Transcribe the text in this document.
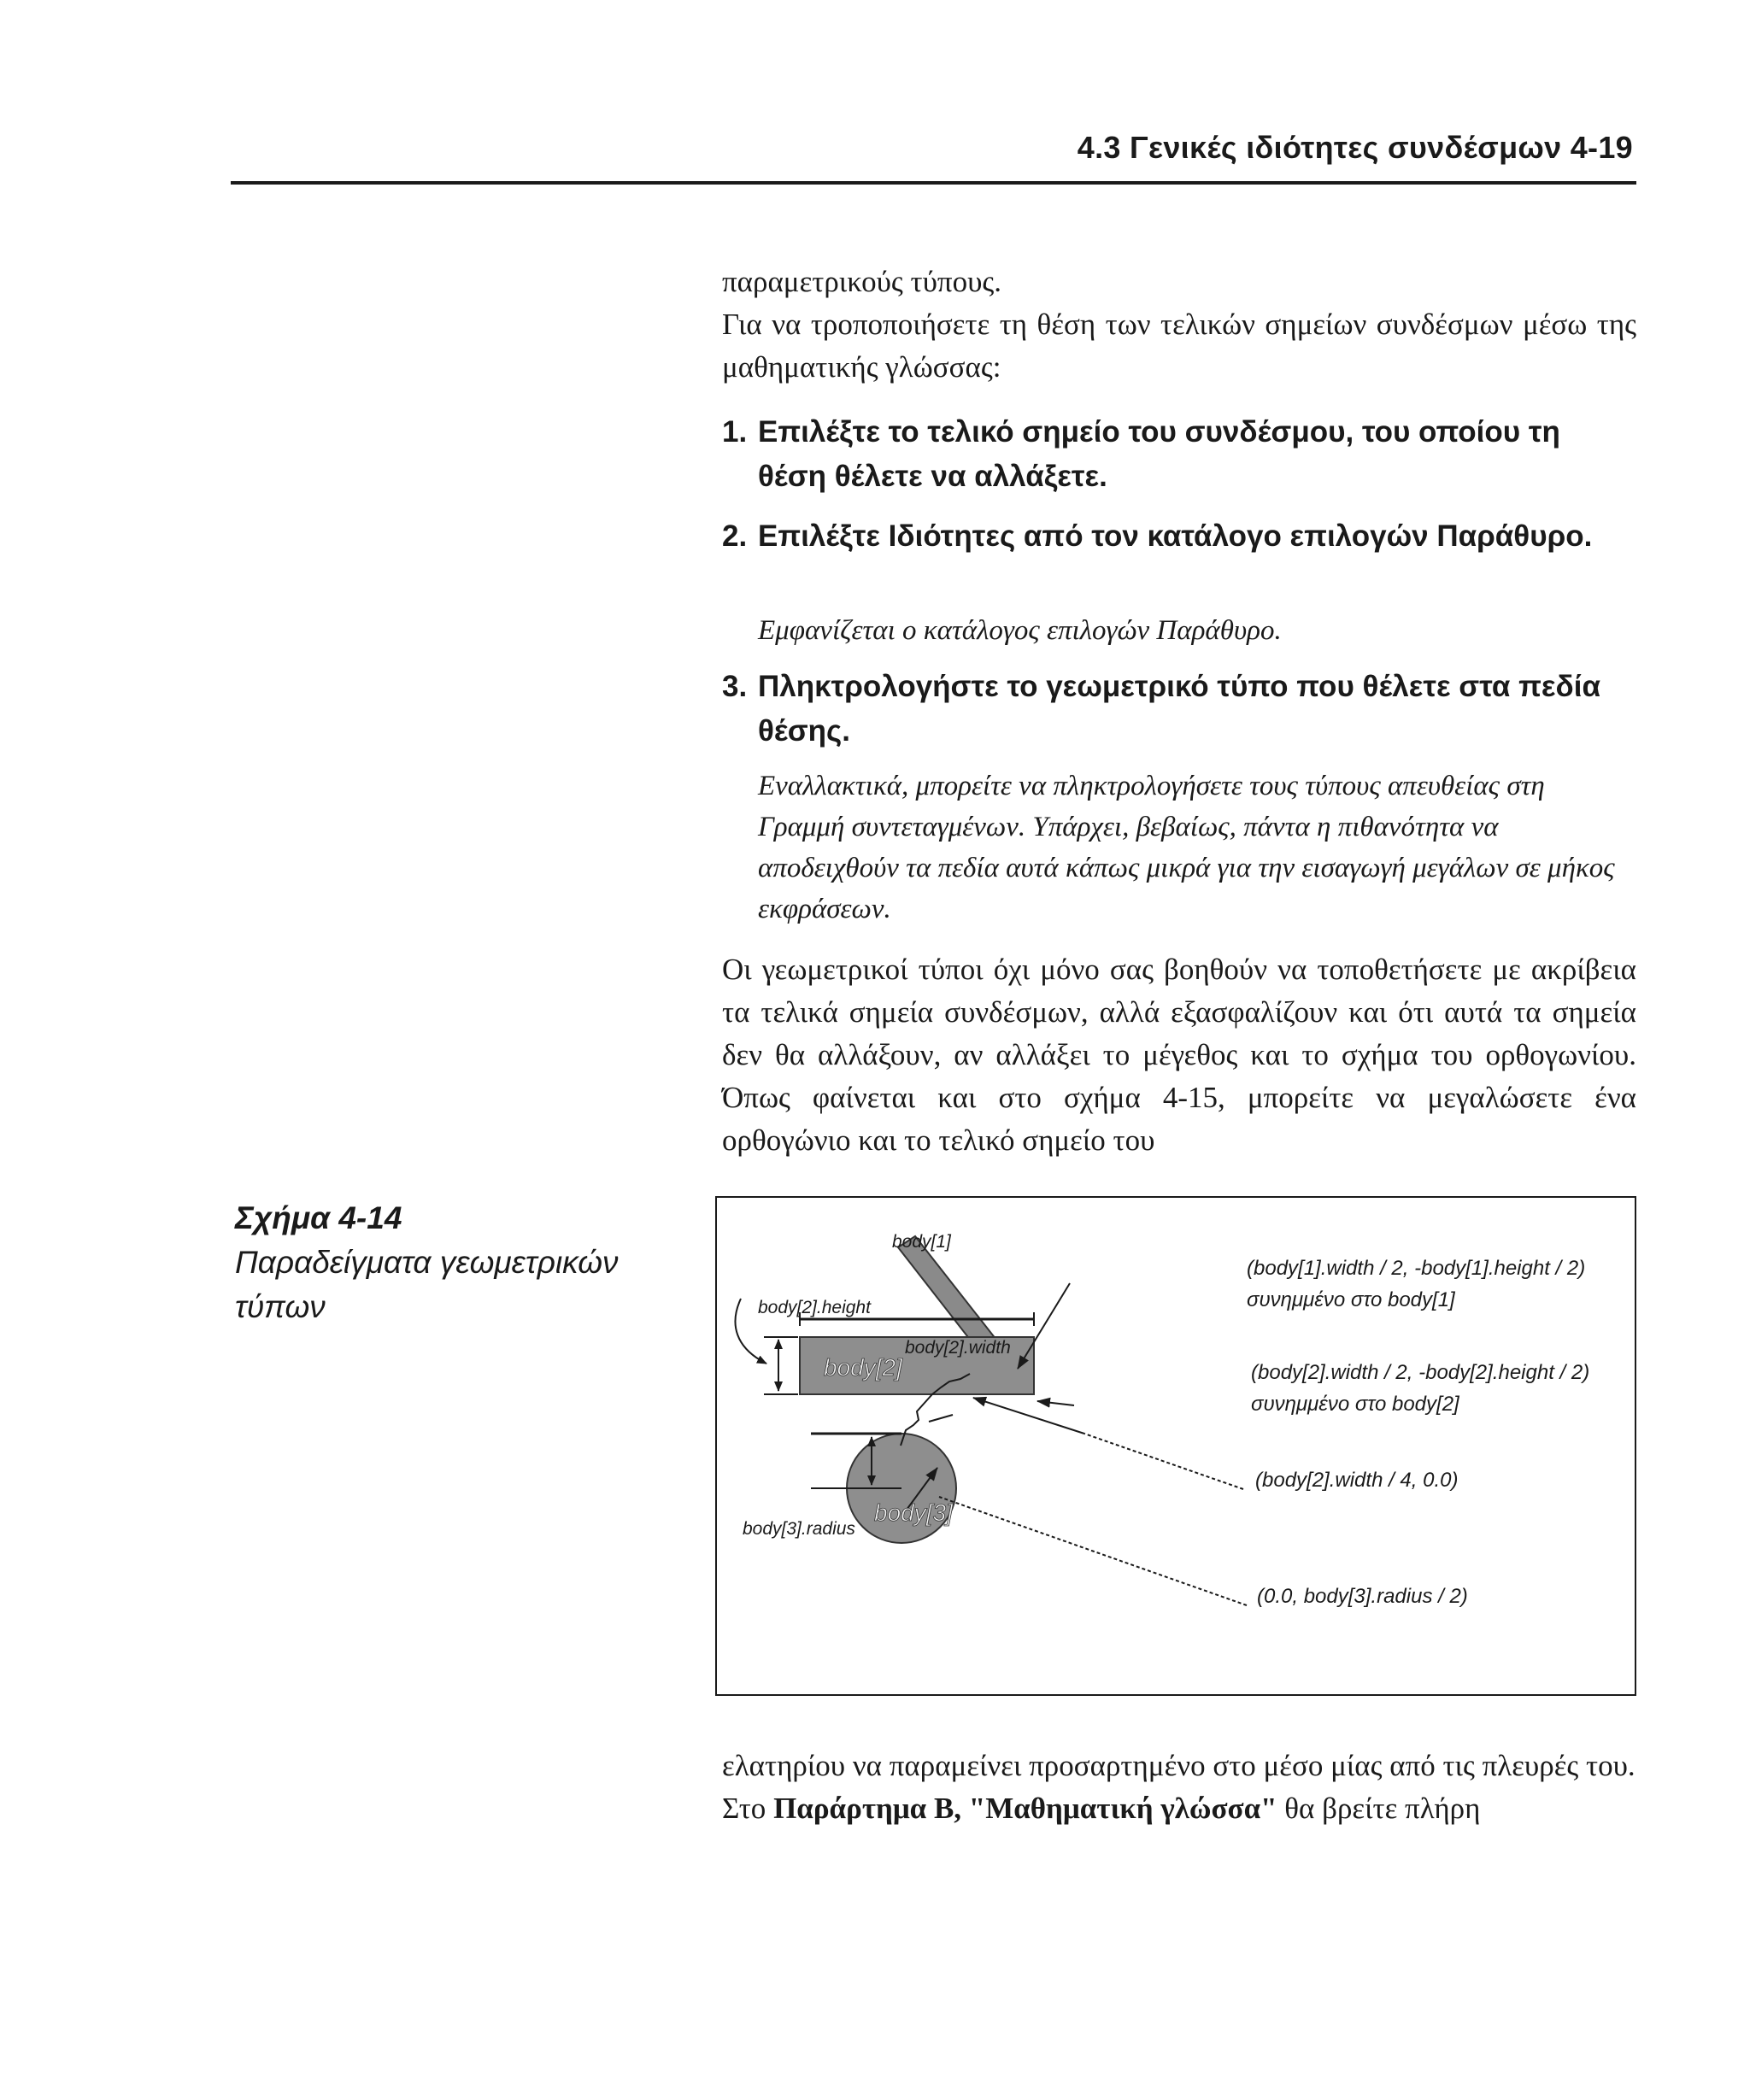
4.3 Γενικές ιδιότητες συνδέσμων 4-19

παραμετρικούς τύπους.

Για να τροποποιήσετε τη θέση των τελικών σημείων συνδέσμων μέσω της μαθηματικής γλώσσας:

1. Επιλέξτε το τελικό σημείο του συνδέσμου, του οποίου τη θέση θέλετε να αλλάξετε.
2. Επιλέξτε Ιδιότητες από τον κατάλογο επιλογών Παράθυρο.
Εμφανίζεται ο κατάλογος επιλογών Παράθυρο.
3. Πληκτρολογήστε το γεωμετρικό τύπο που θέλετε στα πεδία θέσης.
Εναλλακτικά, μπορείτε να πληκτρολογήσετε τους τύπους απευθείας στη Γραμμή συντεταγμένων. Υπάρχει, βεβαίως, πάντα η πιθανότητα να αποδειχθούν τα πεδία αυτά κάπως μικρά για την εισαγωγή μεγάλων σε μήκος εκφράσεων.

Οι γεωμετρικοί τύποι όχι μόνο σας βοηθούν να τοποθετήσετε με ακρίβεια τα τελικά σημεία συνδέσμων, αλλά εξασφαλίζουν και ότι αυτά τα σημεία δεν θα αλλάξουν, αν αλλάξει το μέγεθος και το σχήμα του ορθογωνίου. Όπως φαίνεται και στο σχήμα 4-15, μπορείτε να μεγαλώσετε ένα ορθογώνιο και το τελικό σημείο του

Σχήμα 4-14
Παραδείγματα γεωμετρικών τύπων
body[1]
body[2].height
body[2].width
body[3].radius
(body[1].width / 2, -body[1].height / 2)
συνημμένο στο body[1]
(body[2].width / 2, -body[2].height / 2)
συνημμένο στο body[2]
(body[2].width / 4, 0.0)
(0.0, body[3].radius / 2)
body[2]
body[3]

ελατηρίου να παραμείνει προσαρτημένο στο μέσο μίας από τις πλευρές του.

Στο Παράρτημα Β, "Μαθηματική γλώσσα" θα βρείτε πλήρη
